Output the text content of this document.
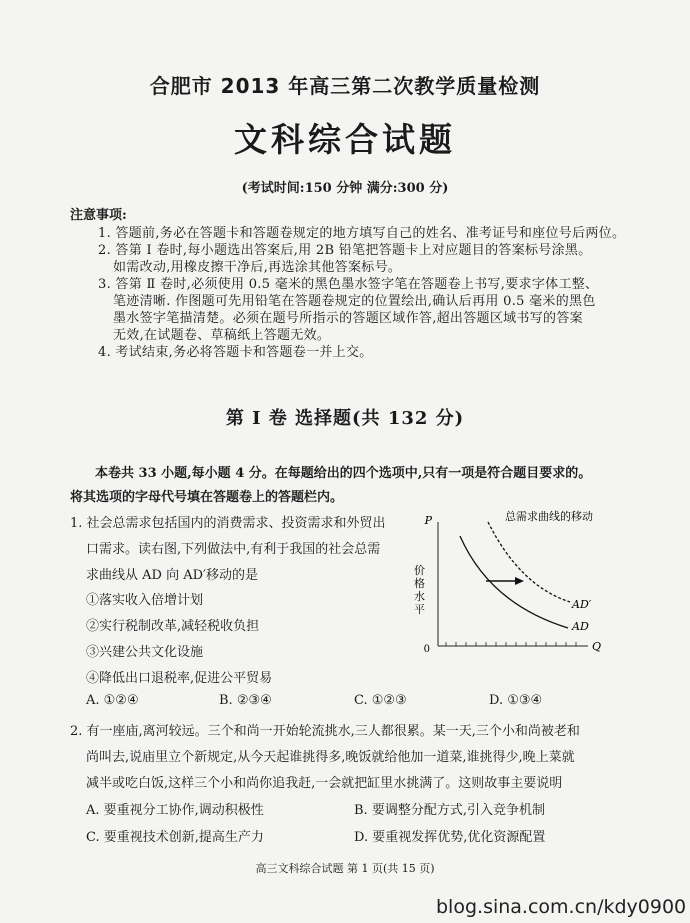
合肥市 2013 年高三第二次教学质量检测
文科综合试题
(考试时间:150 分钟 满分:300 分)
注意事项:
1. 答题前,务必在答题卡和答题卷规定的地方填写自己的姓名、准考证号和座位号后两位。
2. 答第 Ⅰ 卷时,每小题选出答案后,用 2B 铅笔把答题卡上对应题目的答案标号涂黑。
如需改动,用橡皮擦干净后,再选涂其他答案标号。
3. 答第 Ⅱ 卷时,必须使用 0.5 毫米的黑色墨水签字笔在答题卷上书写,要求字体工整、
笔迹清晰. 作图题可先用铅笔在答题卷规定的位置绘出,确认后再用 0.5 毫米的黑色
墨水签字笔描清楚。必须在题号所指示的答题区域作答,超出答题区域书写的答案
无效,在试题卷、草稿纸上答题无效。
4. 考试结束,务必将答题卡和答题卷一并上交。
第 Ⅰ 卷 选择题(共 132 分)
本卷共 33 小题,每小题 4 分。在每题给出的四个选项中,只有一项是符合题目要求的。
将其选项的字母代号填在答题卷上的答题栏内。
1. 社会总需求包括国内的消费需求、投资需求和外贸出
口需求。读右图,下列做法中,有利于我国的社会总需
求曲线从 AD 向 AD′移动的是
①落实收入倍增计划
②实行税制改革,减轻税收负担
③兴建公共文化设施
④降低出口退税率,促进公平贸易
A. ①②④	B. ②③④	C. ①②③	D. ①③④
总需求曲线的移动
P
Q
0
价
格
水
平	AD′
AD
2. 有一座庙,离河较远。三个和尚一开始轮流挑水,三人都很累。某一天,三个小和尚被老和
尚叫去,说庙里立个新规定,从今天起谁挑得多,晚饭就给他加一道菜,谁挑得少,晚上菜就
减半或吃白饭,这样三个小和尚你追我赶,一会就把缸里水挑满了。这则故事主要说明
A. 要重视分工协作,调动积极性	B. 要调整分配方式,引入竞争机制
C. 要重视技术创新,提高生产力	D. 要重视发挥优势,优化资源配置
高三文科综合试题 第 1 页(共 15 页)
blog.sina.com.cn/kdy0900
